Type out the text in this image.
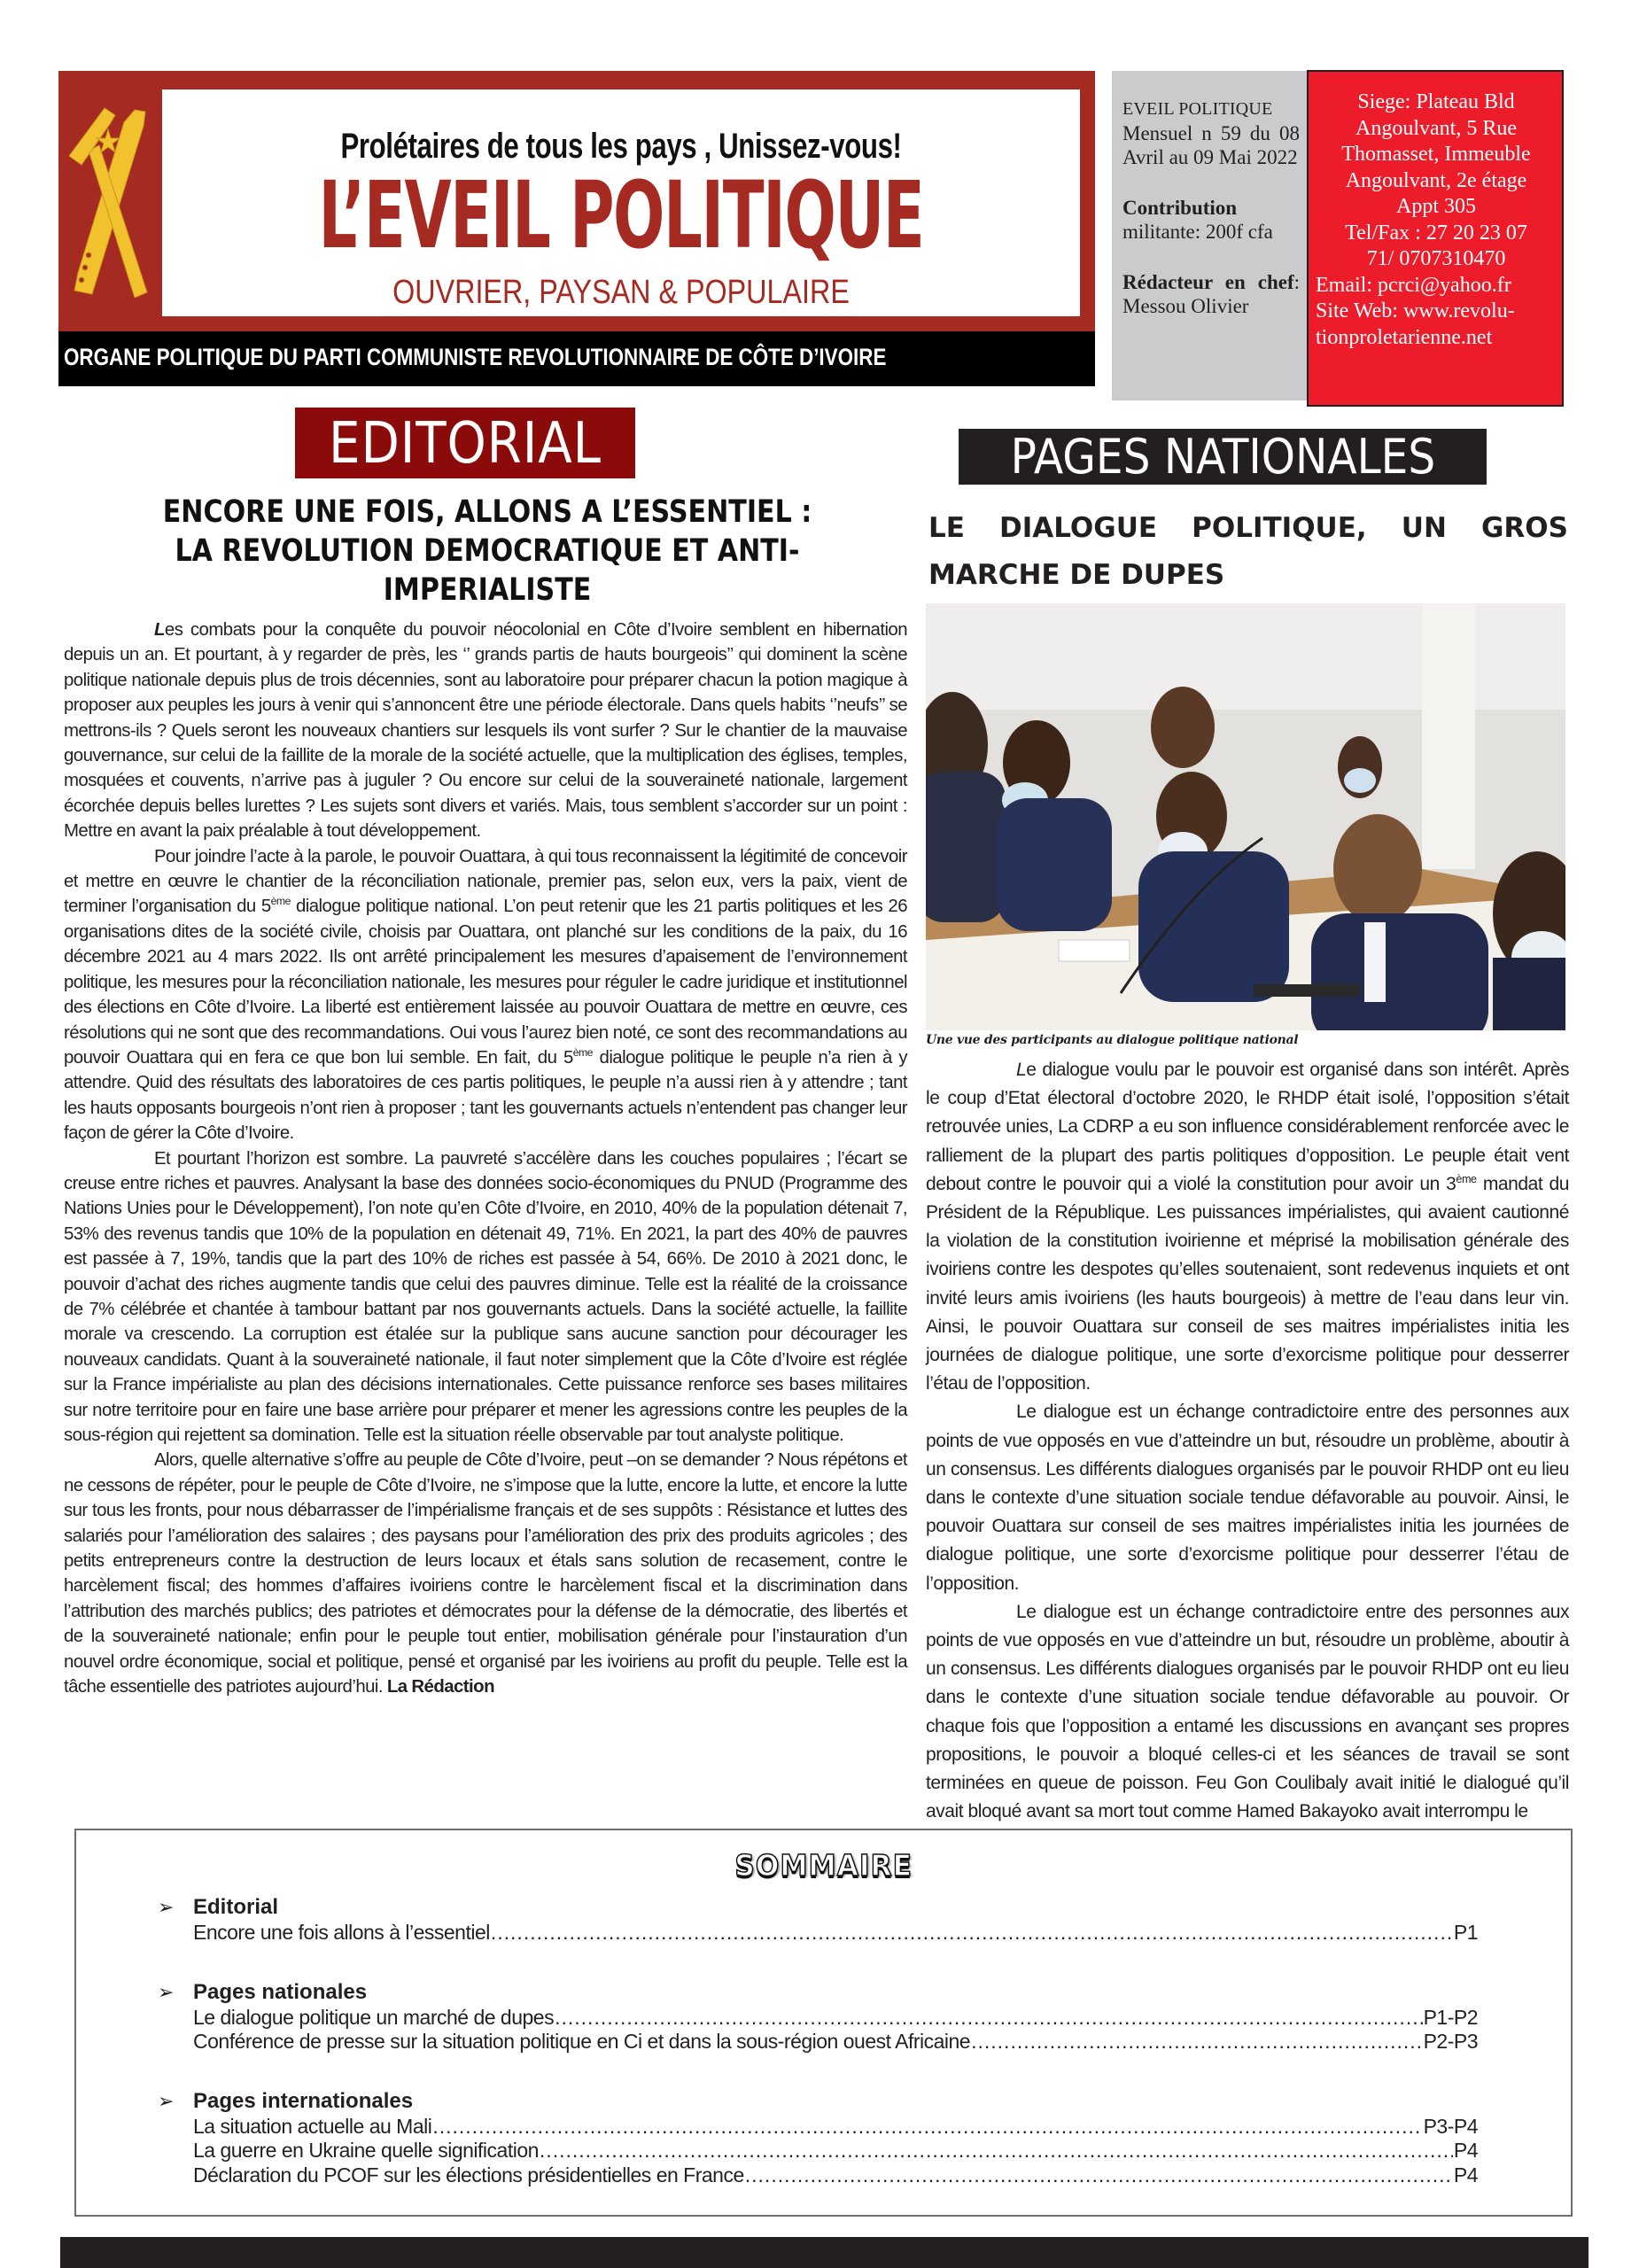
Prolétaires de tous les pays , Unissez-vous!
L’EVEIL POLITIQUE
OUVRIER, PAYSAN & POPULAIRE
ORGANE POLITIQUE DU PARTI COMMUNISTE REVOLUTIONNAIRE DE CÔTE D’IVOIRE

EVEIL POLITIQUE

Mensuel n 59 du 08 Avril au 09 Mai 2022

Contribution

militante: 200f cfa

Rédacteur en chef: Messou Olivier

Siege: Plateau Bld
Angoulvant, 5 Rue
Thomasset, Immeuble
Angoulvant, 2e étage
Appt 305
Tel/Fax : 27 20 23 07
71/ 0707310470
Email: pcrci@yahoo.fr
Site Web: www.revolu-
tionproletarienne.net
EDITORIAL
ENCORE UNE FOIS, ALLONS A L’ESSENTIEL : LA REVOLUTION DEMOCRATIQUE ET ANTI-IMPERIALISTE

Les combats pour la conquête du pouvoir néocolonial en Côte d’Ivoire semblent en hibernation depuis un an. Et pourtant, à y regarder de près, les ‘’ grands partis de hauts bourgeois’’ qui dominent la scène politique nationale depuis plus de trois décennies, sont au laboratoire pour préparer chacun la potion magique à proposer aux peuples les jours à venir qui s’annoncent être une période électorale. Dans quels habits ‘’neufs’’ se mettrons-ils ? Quels seront les nouveaux chantiers sur lesquels ils vont surfer ? Sur le chantier de la mauvaise gouvernance, sur celui de la faillite de la morale de la société actuelle, que la multiplication des églises, temples, mosquées et couvents, n’arrive pas à juguler ? Ou encore sur celui de la souveraineté nationale, largement écorchée depuis belles lurettes ? Les sujets sont divers et variés. Mais, tous semblent s’accorder sur un point : Mettre en avant la paix préalable à tout développement.

Pour joindre l’acte à la parole, le pouvoir Ouattara, à qui tous reconnaissent la légitimité de concevoir et mettre en œuvre le chantier de la réconciliation nationale, premier pas, selon eux, vers la paix, vient de terminer l’organisation du 5ème dialogue politique national. L’on peut retenir que les 21 partis politiques et les 26 organisations dites de la société civile, choisis par Ouattara, ont planché sur les conditions de la paix, du 16 décembre 2021 au 4 mars 2022. Ils ont arrêté principalement les mesures d’apaisement de l’environnement politique, les mesures pour la réconciliation nationale, les mesures pour réguler le cadre juridique et institutionnel des élections en Côte d’Ivoire. La liberté est entièrement laissée au pouvoir Ouattara de mettre en œuvre, ces résolutions qui ne sont que des recommandations. Oui vous l’aurez bien noté, ce sont des recommandations au pouvoir Ouattara qui en fera ce que bon lui semble. En fait, du 5ème dialogue politique le peuple n’a rien à y attendre. Quid des résultats des laboratoires de ces partis politiques, le peuple n’a aussi rien à y attendre ; tant les hauts opposants bourgeois n’ont rien à proposer ; tant les gouvernants actuels n’entendent pas changer leur façon de gérer la Côte d’Ivoire.

Et pourtant l’horizon est sombre. La pauvreté s’accélère dans les couches populaires ; l’écart se creuse entre riches et pauvres. Analysant la base des données socio-économiques du PNUD (Programme des Nations Unies pour le Développement), l’on note qu’en Côte d’Ivoire, en 2010, 40% de la population détenait 7, 53% des revenus tandis que 10% de la population en détenait 49, 71%. En 2021, la part des 40% de pauvres est passée à 7, 19%, tandis que la part des 10% de riches est passée à 54, 66%. De 2010 à 2021 donc, le pouvoir d’achat des riches augmente tandis que celui des pauvres diminue. Telle est la réalité de la croissance de 7% célébrée et chantée à tambour battant par nos gouvernants actuels. Dans la société actuelle, la faillite morale va crescendo. La corruption est étalée sur la publique sans aucune sanction pour décourager les nouveaux candidats. Quant à la souveraineté nationale, il faut noter simplement que la Côte d’Ivoire est réglée sur la France impérialiste au plan des décisions internationales. Cette puissance renforce ses bases militaires sur notre territoire pour en faire une base arrière pour préparer et mener les agressions contre les peuples de la sous-région qui rejettent sa domination. Telle est la situation réelle observable par tout analyste politique.

Alors, quelle alternative s’offre au peuple de Côte d’Ivoire, peut –on se demander ? Nous répétons et ne cessons de répéter, pour le peuple de Côte d’Ivoire, ne s’impose que la lutte, encore la lutte, et encore la lutte sur tous les fronts, pour nous débarrasser de l’impérialisme français et de ses suppôts : Résistance et luttes des salariés pour l’amélioration des salaires ; des paysans pour l’amélioration des prix des produits agricoles ; des petits entrepreneurs contre la destruction de leurs locaux et étals sans solution de recasement, contre le harcèlement fiscal; des hommes d’affaires ivoiriens contre le harcèlement fiscal et la discrimination dans l’attribution des marchés publics; des patriotes et démocrates pour la défense de la démocratie, des libertés et de la souveraineté nationale; enfin pour le peuple tout entier, mobilisation générale pour l’instauration d’un nouvel ordre économique, social et politique, pensé et organisé par les ivoiriens au profit du peuple. Telle est la tâche essentielle des patriotes aujourd’hui. La Rédaction

PAGES NATIONALES
LE DIALOGUE POLITIQUE, UN GROS
MARCHE DE DUPES
Une vue des participants au dialogue politique national

Le dialogue voulu par le pouvoir est organisé dans son intérêt. Après le coup d’Etat électoral d’octobre 2020, le RHDP était isolé, l’opposition s’était retrouvée unies, La CDRP a eu son influence considérablement renforcée avec le ralliement de la plupart des partis politiques d’opposition. Le peuple était vent debout contre le pouvoir qui a violé la constitution pour avoir un 3ème mandat du Président de la République. Les puissances impérialistes, qui avaient cautionné la violation de la constitution ivoirienne et méprisé la mobilisation générale des ivoiriens contre les despotes qu’elles soutenaient, sont redevenus inquiets et ont invité leurs amis ivoiriens (les hauts bourgeois) à mettre de l’eau dans leur vin. Ainsi, le pouvoir Ouattara sur conseil de ses maitres impérialistes initia les journées de dialogue politique, une sorte d’exorcisme politique pour desserrer l’étau de l’opposition.

Le dialogue est un échange contradictoire entre des personnes aux points de vue opposés en vue d’atteindre un but, résoudre un problème, aboutir à un consensus. Les différents dialogues organisés par le pouvoir RHDP ont eu lieu dans le contexte d’une situation sociale tendue défavorable au pouvoir. Ainsi, le pouvoir Ouattara sur conseil de ses maitres impérialistes initia les journées de dialogue politique, une sorte d’exorcisme politique pour desserrer l’étau de l’opposition.

Le dialogue est un échange contradictoire entre des personnes aux points de vue opposés en vue d’atteindre un but, résoudre un problème, aboutir à un consensus. Les différents dialogues organisés par le pouvoir RHDP ont eu lieu dans le contexte d’une situation sociale tendue défavorable au pouvoir. Or chaque fois que l’opposition a entamé les discussions en avançant ses propres propositions, le pouvoir a bloqué celles-ci et les séances de travail se sont terminées en queue de poisson. Feu Gon Coulibaly avait initié le dialogué qu’il avait bloqué avant sa mort tout comme Hamed Bakayoko avait interrompu le

SOMMAIRE
➢ Editorial
Encore une fois allons à l’essentiel .....	P1
➢ Pages nationales
Le dialogue politique un marché de dupes .....	P1-P2
Conférence de presse sur la situation politique en Ci et dans la sous-région ouest Africaine .....	P2-P3
➢ Pages internationales
La situation actuelle au Mali .....	P3-P4
La guerre en Ukraine quelle signification .....	P4
Déclaration du PCOF sur les élections présidentielles en France .....	P4
